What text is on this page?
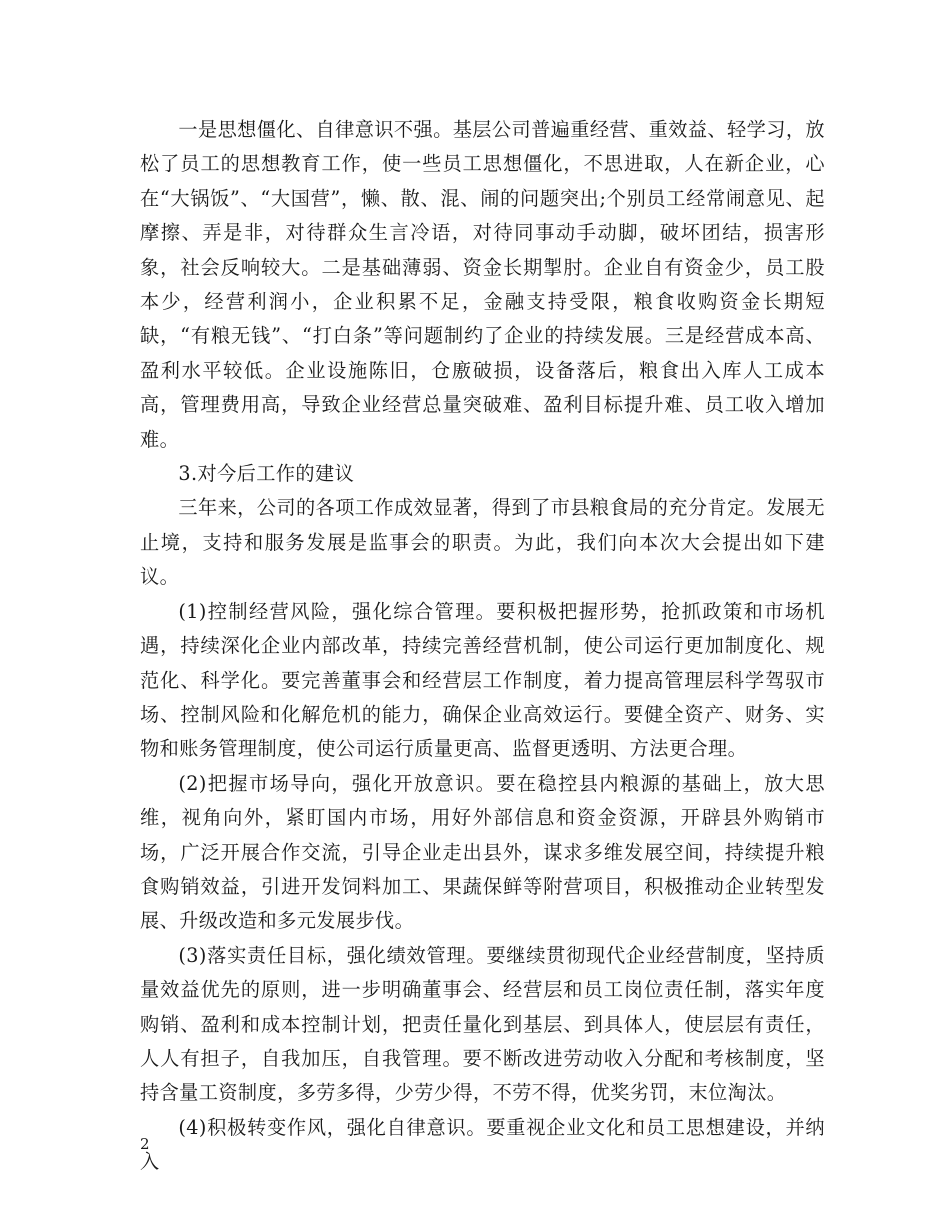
一是思想僵化、自律意识不强。基层公司普遍重经营、重效益、轻学习，放松了员工的思想教育工作，使一些员工思想僵化，不思进取，人在新企业，心在“大锅饭”、“大国营”，懒、散、混、闹的问题突出;个别员工经常闹意见、起摩擦、弄是非，对待群众生言冷语，对待同事动手动脚，破坏团结，损害形象，社会反响较大。二是基础薄弱、资金长期掣肘。企业自有资金少，员工股本少，经营利润小，企业积累不足，金融支持受限，粮食收购资金长期短缺，“有粮无钱”、“打白条”等问题制约了企业的持续发展。三是经营成本高、盈利水平较低。企业设施陈旧，仓廒破损，设备落后，粮食出入库人工成本高，管理费用高，导致企业经营总量突破难、盈利目标提升难、员工收入增加难。

3.对今后工作的建议

三年来，公司的各项工作成效显著，得到了市县粮食局的充分肯定。发展无止境，支持和服务发展是监事会的职责。为此，我们向本次大会提出如下建议。

(1)控制经营风险，强化综合管理。要积极把握形势，抢抓政策和市场机遇，持续深化企业内部改革，持续完善经营机制，使公司运行更加制度化、规范化、科学化。要完善董事会和经营层工作制度，着力提高管理层科学驾驭市场、控制风险和化解危机的能力，确保企业高效运行。要健全资产、财务、实物和账务管理制度，使公司运行质量更高、监督更透明、方法更合理。

(2)把握市场导向，强化开放意识。要在稳控县内粮源的基础上，放大思维，视角向外，紧盯国内市场，用好外部信息和资金资源，开辟县外购销市场，广泛开展合作交流，引导企业走出县外，谋求多维发展空间，持续提升粮食购销效益，引进开发饲料加工、果蔬保鲜等附营项目，积极推动企业转型发展、升级改造和多元发展步伐。

(3)落实责任目标，强化绩效管理。要继续贯彻现代企业经营制度，坚持质量效益优先的原则，进一步明确董事会、经营层和员工岗位责任制，落实年度购销、盈利和成本控制计划，把责任量化到基层、到具体人，使层层有责任，人人有担子，自我加压，自我管理。要不断改进劳动收入分配和考核制度，坚持含量工资制度，多劳多得，少劳少得，不劳不得，优奖劣罚，末位淘汰。

(4)积极转变作风，强化自律意识。要重视企业文化和员工思想建设，并纳入

2
